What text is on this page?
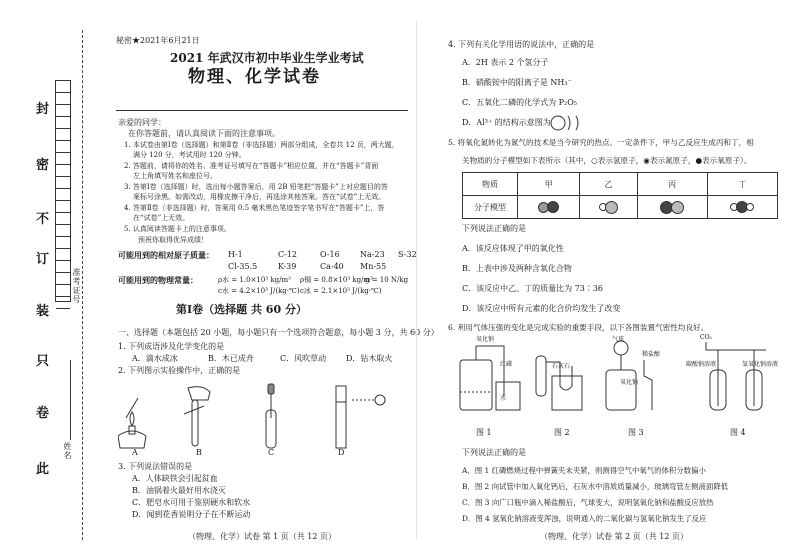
封
密
不
订
装
只
卷
此
准考证号
姓名
秘密★2021年6月21日
2021 年武汉市初中毕业生学业考试
物理、化学试卷
亲爱的同学：
在你答题前，请认真阅读下面的注意事项。
1. 本试卷由第Ⅰ卷（选择题）和第Ⅱ卷（非选择题）两部分组成，全卷共 12 页，两大题，
满分 120 分，考试用时 120 分钟。
2. 答题前，请将你的姓名、准考证号填写在“答题卡”相应位置，并在“答题卡”背面
左上角填写姓名和座位号。
3. 答第Ⅰ卷（选择题）时，选出每小题答案后，用 2B 铅笔把“答题卡”上对应题目的答
案标号涂黑。如需改动，用橡皮擦干净后，再选涂其他答案。答在“试卷”上无效。
4. 答第Ⅱ卷（非选择题）时，答案用 0.5 毫米黑色笔迹签字笔书写在“答题卡”上，答
在“试卷”上无效。
5. 认真阅读答题卡上的注意事项。
预祝你取得优异成绩！
可能用到的相对原子质量： H-1	C-12	O-16	Na-23 S-32
Cl-35.5	K-39	Ca-40 Mn-55
可能用到的物理常量：	ρ水 = 1.0×10³ kg/m³ ρ铜 = 0.8×10³ kg/m³
g = 10 N/kg
c水 = 4.2×10³ J/(kg·℃) c冰 = 2.1×10³ J/(kg·℃)
第Ⅰ卷（选择题 共 60 分）
一、选择题（本题包括 20 小题，每小题只有一个选项符合题意，每小题 3 分，共 60 分）
1. 下列成语涉及化学变化的是
A．滴水成冰	B．木已成舟	C．风吹草动 D．钻木取火
2. 下列图示实验操作中，正确的是
A	B	C	D
3. 下列说法错误的是
A．人体缺铁会引起贫血
B．油锅着火最好用水浇灭
C．肥皂水可用于鉴别硬水和软水
D．闻到花香说明分子在不断运动
（物理、化学）试卷 第 1 页（共 12 页）
4. 下列有关化学用语的说法中，正确的是
A．2H 表示 2 个氢分子
B．硝酸铵中的阳离子是 NH₃⁻
C．五氧化二磷的化学式为 P₂O₅
D．Al³⁺ 的结构示意图为
5. 将氧化氮转化为氮气的技术是当今研究的热点。一定条件下，甲与乙反应生成丙和丁，相
关物质的分子模型如下表所示（其中，○表示氢原子，◉表示氮原子，●表示氧原子）。
物质	甲	乙	丙	丁
分子模型				
下列说法正确的是
A．该反应体现了甲的氧化性
B．上表中涉及两种含氧化合物
C．该反应中乙、丁的质量比为 73∶36
D．该反应中所有元素的化合价均发生了改变
6. 利用气体压强的变化是完成实验的重要手段，以下各图装置气密性均良好。
氧化钠	气球
稀盐酸
CO₂
红磷
水
石灰石	氢氧化钠溶液
氧化钠
碳酸钠溶液
图 1	图 2	图 3	图 4
下列说法正确的是
A．图 1 红磷燃烧过程中弹簧夹未夹紧，则测得空气中氧气的体积分数偏小
B．图 2 向试管中加入氧化钙后，石灰水中溶质质量减小，玻璃弯管左侧液面降低
C．图 3 向广口瓶中滴入稀盐酸后，气球变大，说明氢氧化钠和盐酸反应放热
D．图 4 氢氧化钠溶液变浑浊，说明通入的二氧化碳与氢氧化钠发生了反应
（物理、化学）试卷 第 2 页（共 12 页）
